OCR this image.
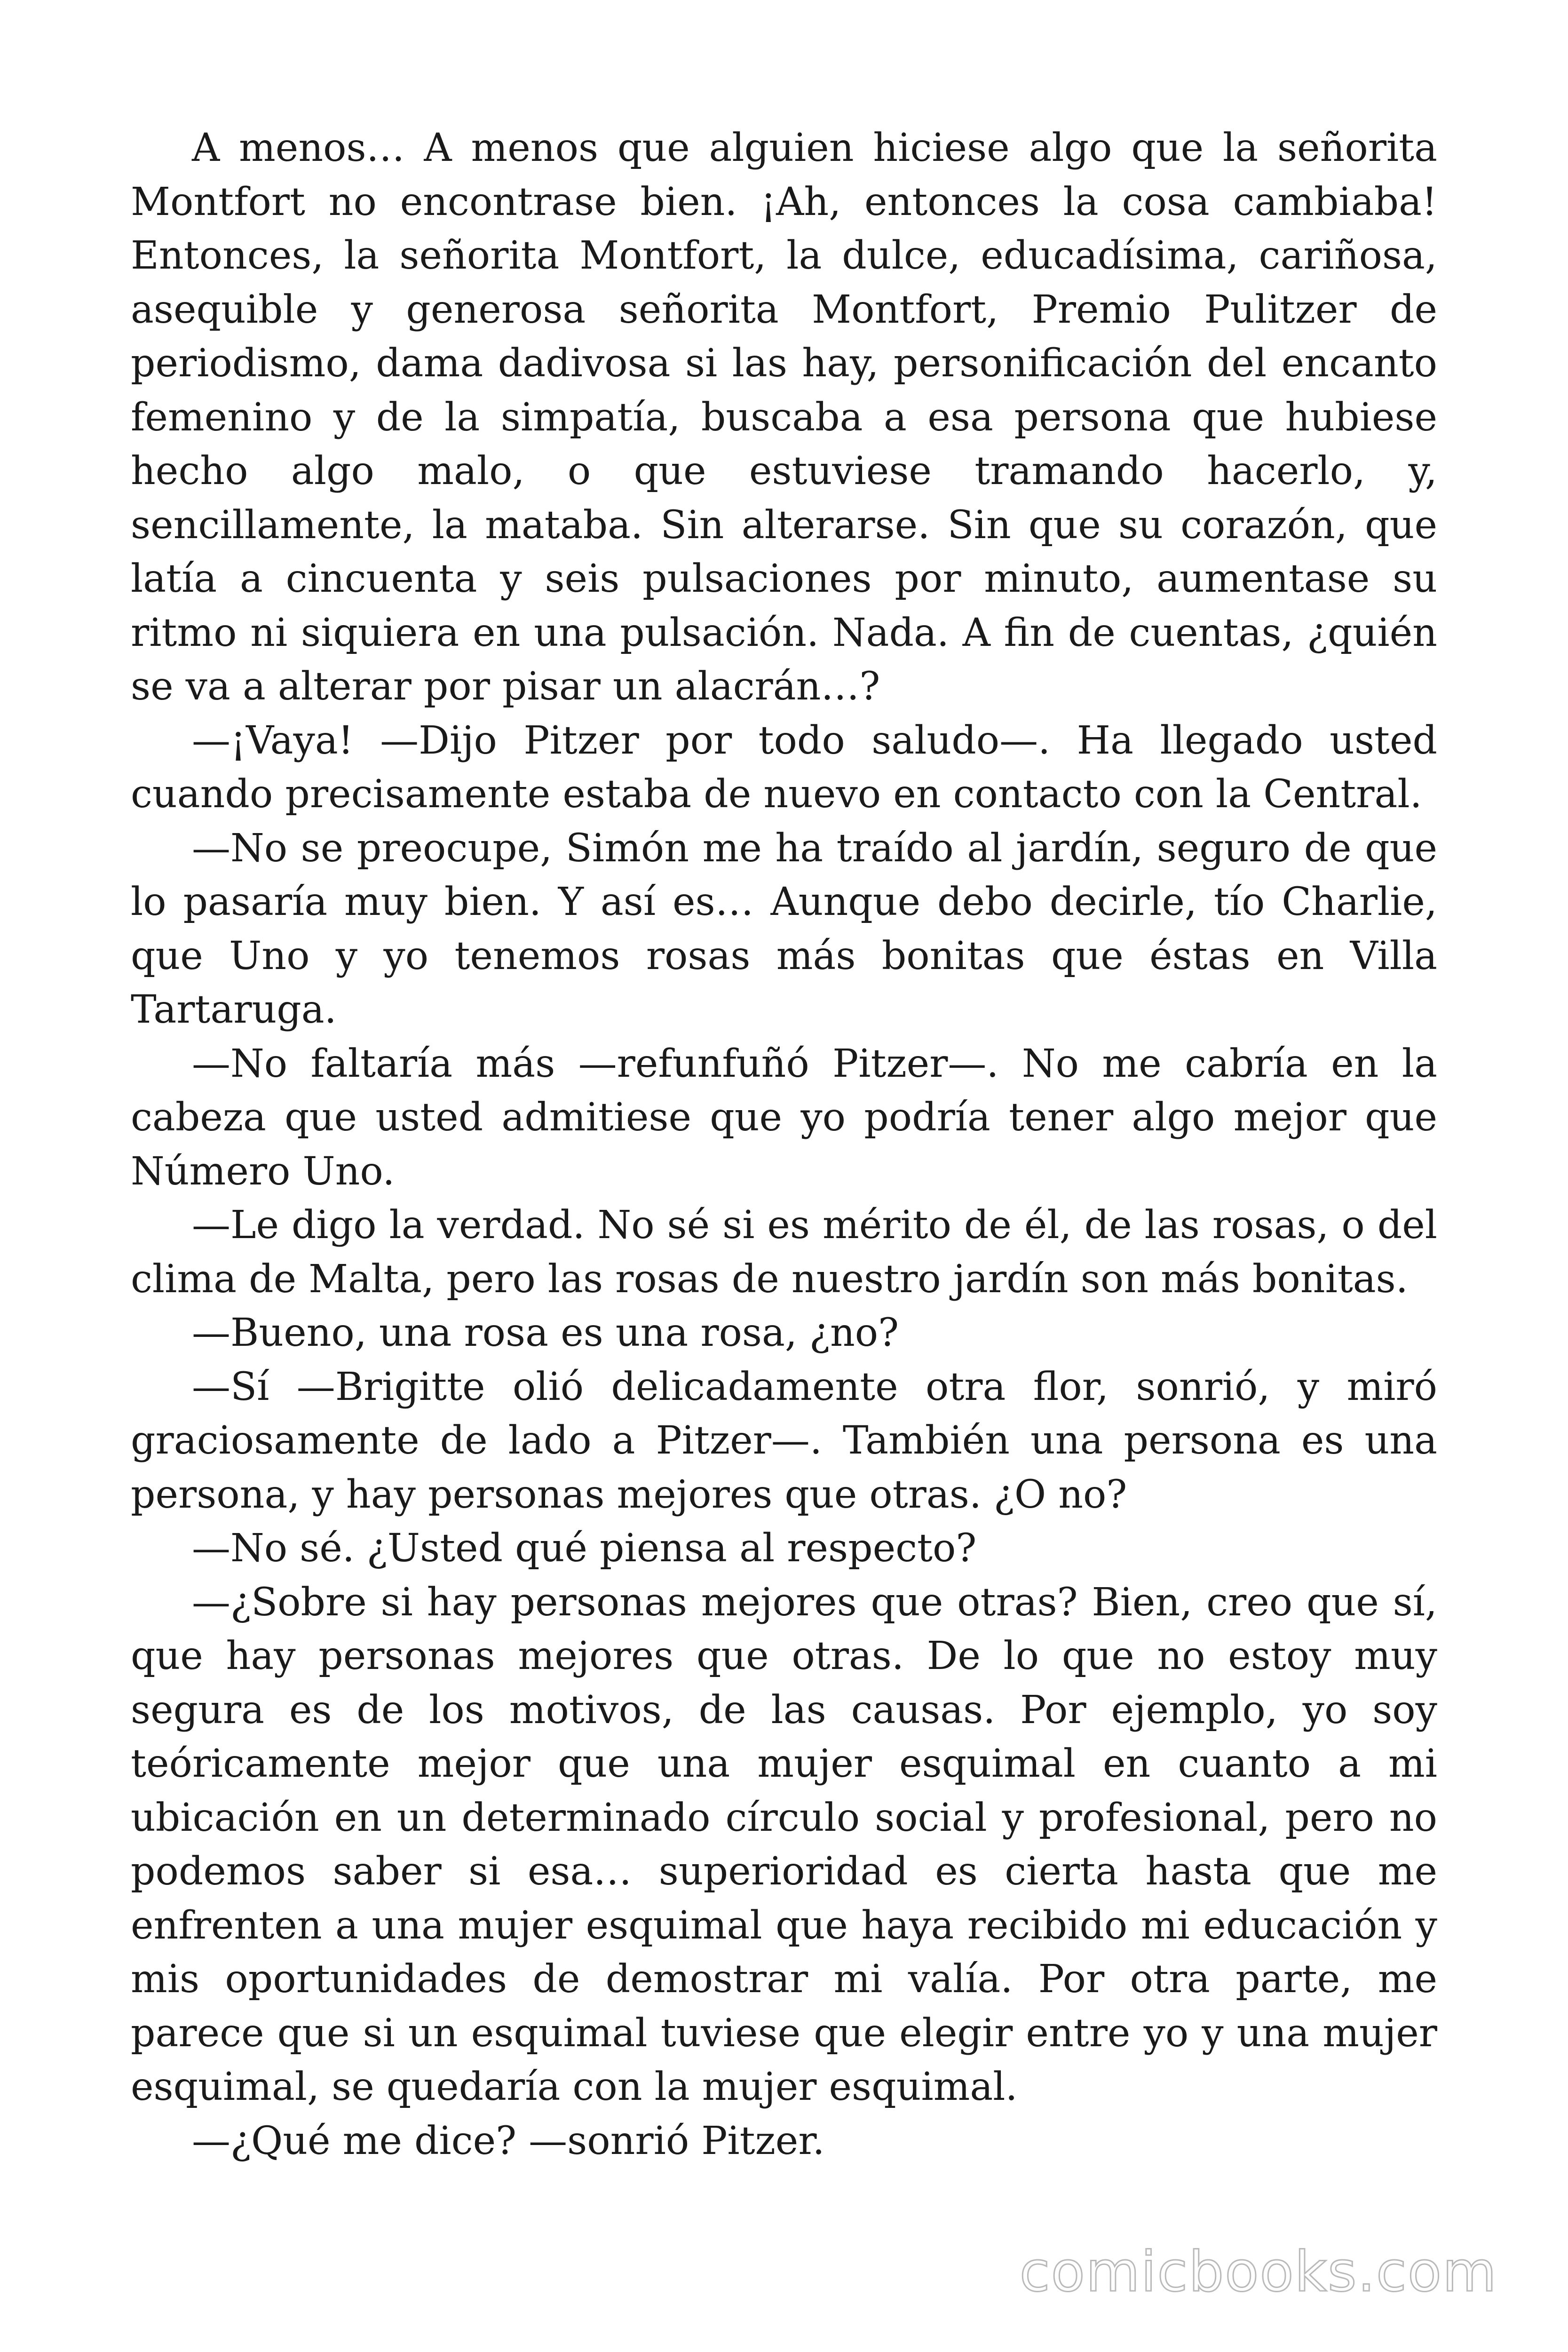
A menos… A menos que alguien hiciese algo que la señorita Montfort no encontrase bien. ¡Ah, entonces la cosa cambiaba! Entonces, la señorita Montfort, la dulce, educadísima, cariñosa, asequible y generosa señorita Montfort, Premio Pulitzer de periodismo, dama dadivosa si las hay, personificación del encanto femenino y de la simpatía, buscaba a esa persona que hubiese hecho algo malo, o que estuviese tramando hacerlo, y, sencillamente, la mataba. Sin alterarse. Sin que su corazón, que latía a cincuenta y seis pulsaciones por minuto, aumentase su ritmo ni siquiera en una pulsación. Nada. A fin de cuentas, ¿quién se va a alterar por pisar un alacrán…?

—¡Vaya! —Dijo Pitzer por todo saludo—. Ha llegado usted cuando precisamente estaba de nuevo en contacto con la Central.

—No se preocupe, Simón me ha traído al jardín, seguro de que lo pasaría muy bien. Y así es… Aunque debo decirle, tío Charlie, que Uno y yo tenemos rosas más bonitas que éstas en Villa Tartaruga.

—No faltaría más —refunfuñó Pitzer—. No me cabría en la cabeza que usted admitiese que yo podría tener algo mejor que Número Uno.

—Le digo la verdad. No sé si es mérito de él, de las rosas, o del clima de Malta, pero las rosas de nuestro jardín son más bonitas.

—Bueno, una rosa es una rosa, ¿no?

—Sí —Brigitte olió delicadamente otra flor, sonrió, y miró graciosamente de lado a Pitzer—. También una persona es una persona, y hay personas mejores que otras. ¿O no?

—No sé. ¿Usted qué piensa al respecto?

—¿Sobre si hay personas mejores que otras? Bien, creo que sí, que hay personas mejores que otras. De lo que no estoy muy segura es de los motivos, de las causas. Por ejemplo, yo soy teóricamente mejor que una mujer esquimal en cuanto a mi ubicación en un determinado círculo social y profesional, pero no podemos saber si esa… superioridad es cierta hasta que me enfrenten a una mujer esquimal que haya recibido mi educación y mis oportunidades de demostrar mi valía. Por otra parte, me parece que si un esquimal tuviese que elegir entre yo y una mujer esquimal, se quedaría con la mujer esquimal.

—¿Qué me dice? —sonrió Pitzer.

comicbooks.com
